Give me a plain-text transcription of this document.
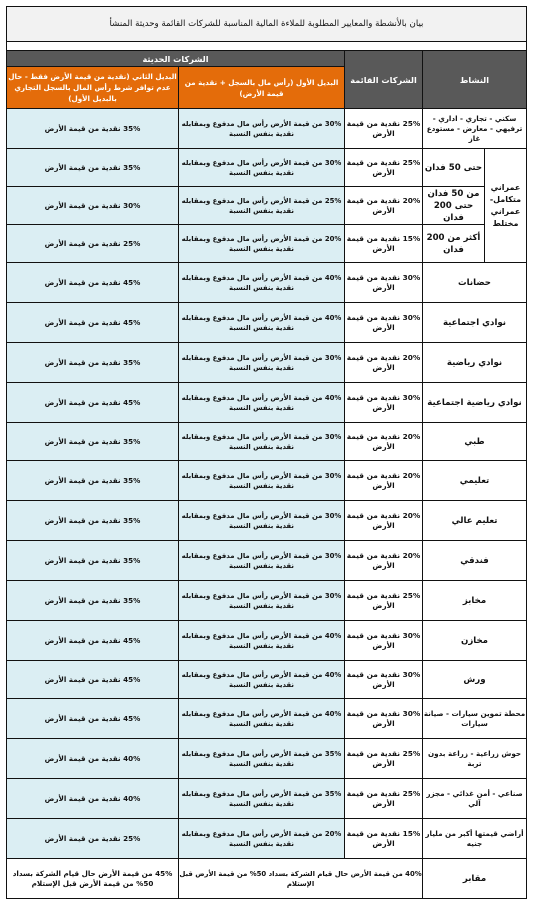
بيان بالأنشطة والمعايير المطلوبة للملاءة المالية المناسبة للشركات القائمة وحديثة المنشأ				

النشاط		الشركات القائمة	الشركات الحديثة	
			البديل الأول (رأس مال بالسجل + نقدية من قيمة الأرض)	البديل الثاني (نقدية من قيمة الأرض فقط - حال عدم توافر شرط رأس المال بالسجل التجاري بالبديل الأول)
سكني - تجاري - اداري - ترفيهي - معارض - مستودع غاز		25% نقدية من قيمة الأرض	30% من قيمة الأرض رأس مال مدفوع وبمقابله نقدية بنفس النسبة	35% نقدية من قيمة الأرض
عمراني متكامل- عمراني مختلط	حتى 50 فدان	25% نقدية من قيمة الأرض	30% من قيمة الأرض رأس مال مدفوع وبمقابله نقدية بنفس النسبة	35% نقدية من قيمة الأرض
	من 50 فدان حتى 200 فدان	20% نقدية من قيمة الأرض	25% من قيمة الأرض رأس مال مدفوع وبمقابله نقدية بنفس النسبة	30% نقدية من قيمة الأرض
	أكثر من 200 فدان	15% نقدية من قيمة الأرض	20% من قيمة الأرض رأس مال مدفوع وبمقابله نقدية بنفس النسبة	25% نقدية من قيمة الأرض
حضانات		30% نقدية من قيمة الأرض	40% من قيمة الأرض رأس مال مدفوع وبمقابله نقدية بنفس النسبة	45% نقدية من قيمة الأرض
نوادي اجتماعية		30% نقدية من قيمة الأرض	40% من قيمة الأرض رأس مال مدفوع وبمقابله نقدية بنفس النسبة	45% نقدية من قيمة الأرض
نوادي رياضية		20% نقدية من قيمة الأرض	30% من قيمة الأرض رأس مال مدفوع وبمقابله نقدية بنفس النسبة	35% نقدية من قيمة الأرض
نوادي رياضية اجتماعية		30% نقدية من قيمة الأرض	40% من قيمة الأرض رأس مال مدفوع وبمقابله نقدية بنفس النسبة	45% نقدية من قيمة الأرض
طبي		20% نقدية من قيمة الأرض	30% من قيمة الأرض رأس مال مدفوع وبمقابله نقدية بنفس النسبة	35% نقدية من قيمة الأرض
تعليمي		20% نقدية من قيمة الأرض	30% من قيمة الأرض رأس مال مدفوع وبمقابله نقدية بنفس النسبة	35% نقدية من قيمة الأرض
تعليم عالي		20% نقدية من قيمة الأرض	30% من قيمة الأرض رأس مال مدفوع وبمقابله نقدية بنفس النسبة	35% نقدية من قيمة الأرض
فندقي		20% نقدية من قيمة الأرض	30% من قيمة الأرض رأس مال مدفوع وبمقابله نقدية بنفس النسبة	35% نقدية من قيمة الأرض
مخابز		25% نقدية من قيمة الأرض	30% من قيمة الأرض رأس مال مدفوع وبمقابله نقدية بنفس النسبة	35% نقدية من قيمة الأرض
مخازن		30% نقدية من قيمة الأرض	40% من قيمة الأرض رأس مال مدفوع وبمقابله نقدية بنفس النسبة	45% نقدية من قيمة الأرض
ورش		30% نقدية من قيمة الأرض	40% من قيمة الأرض رأس مال مدفوع وبمقابله نقدية بنفس النسبة	45% نقدية من قيمة الأرض
محطة تموين سيارات - صيانة سيارات		30% نقدية من قيمة الأرض	40% من قيمة الأرض رأس مال مدفوع وبمقابله نقدية بنفس النسبة	45% نقدية من قيمة الأرض
حوش زراعية - زراعة بدون تربة		25% نقدية من قيمة الأرض	35% من قيمة الأرض رأس مال مدفوع وبمقابله نقدية بنفس النسبة	40% نقدية من قيمة الأرض
صناعي - أمن غذائي - مجزر آلي		25% نقدية من قيمة الأرض	35% من قيمة الأرض رأس مال مدفوع وبمقابله نقدية بنفس النسبة	40% نقدية من قيمة الأرض
أراضي قيمتها أكبر من مليار جنيه		15% نقدية من قيمة الأرض	20% من قيمة الأرض رأس مال مدفوع وبمقابله نقدية بنفس النسبة	25% نقدية من قيمة الأرض
مقابر		40% من قيمة الأرض حال قيام الشركة بسداد 50% من قيمة الأرض قبل الإستلام		45% من قيمة الأرض حال قيام الشركة بسداد 50% من قيمة الأرض قبل الإستلام
